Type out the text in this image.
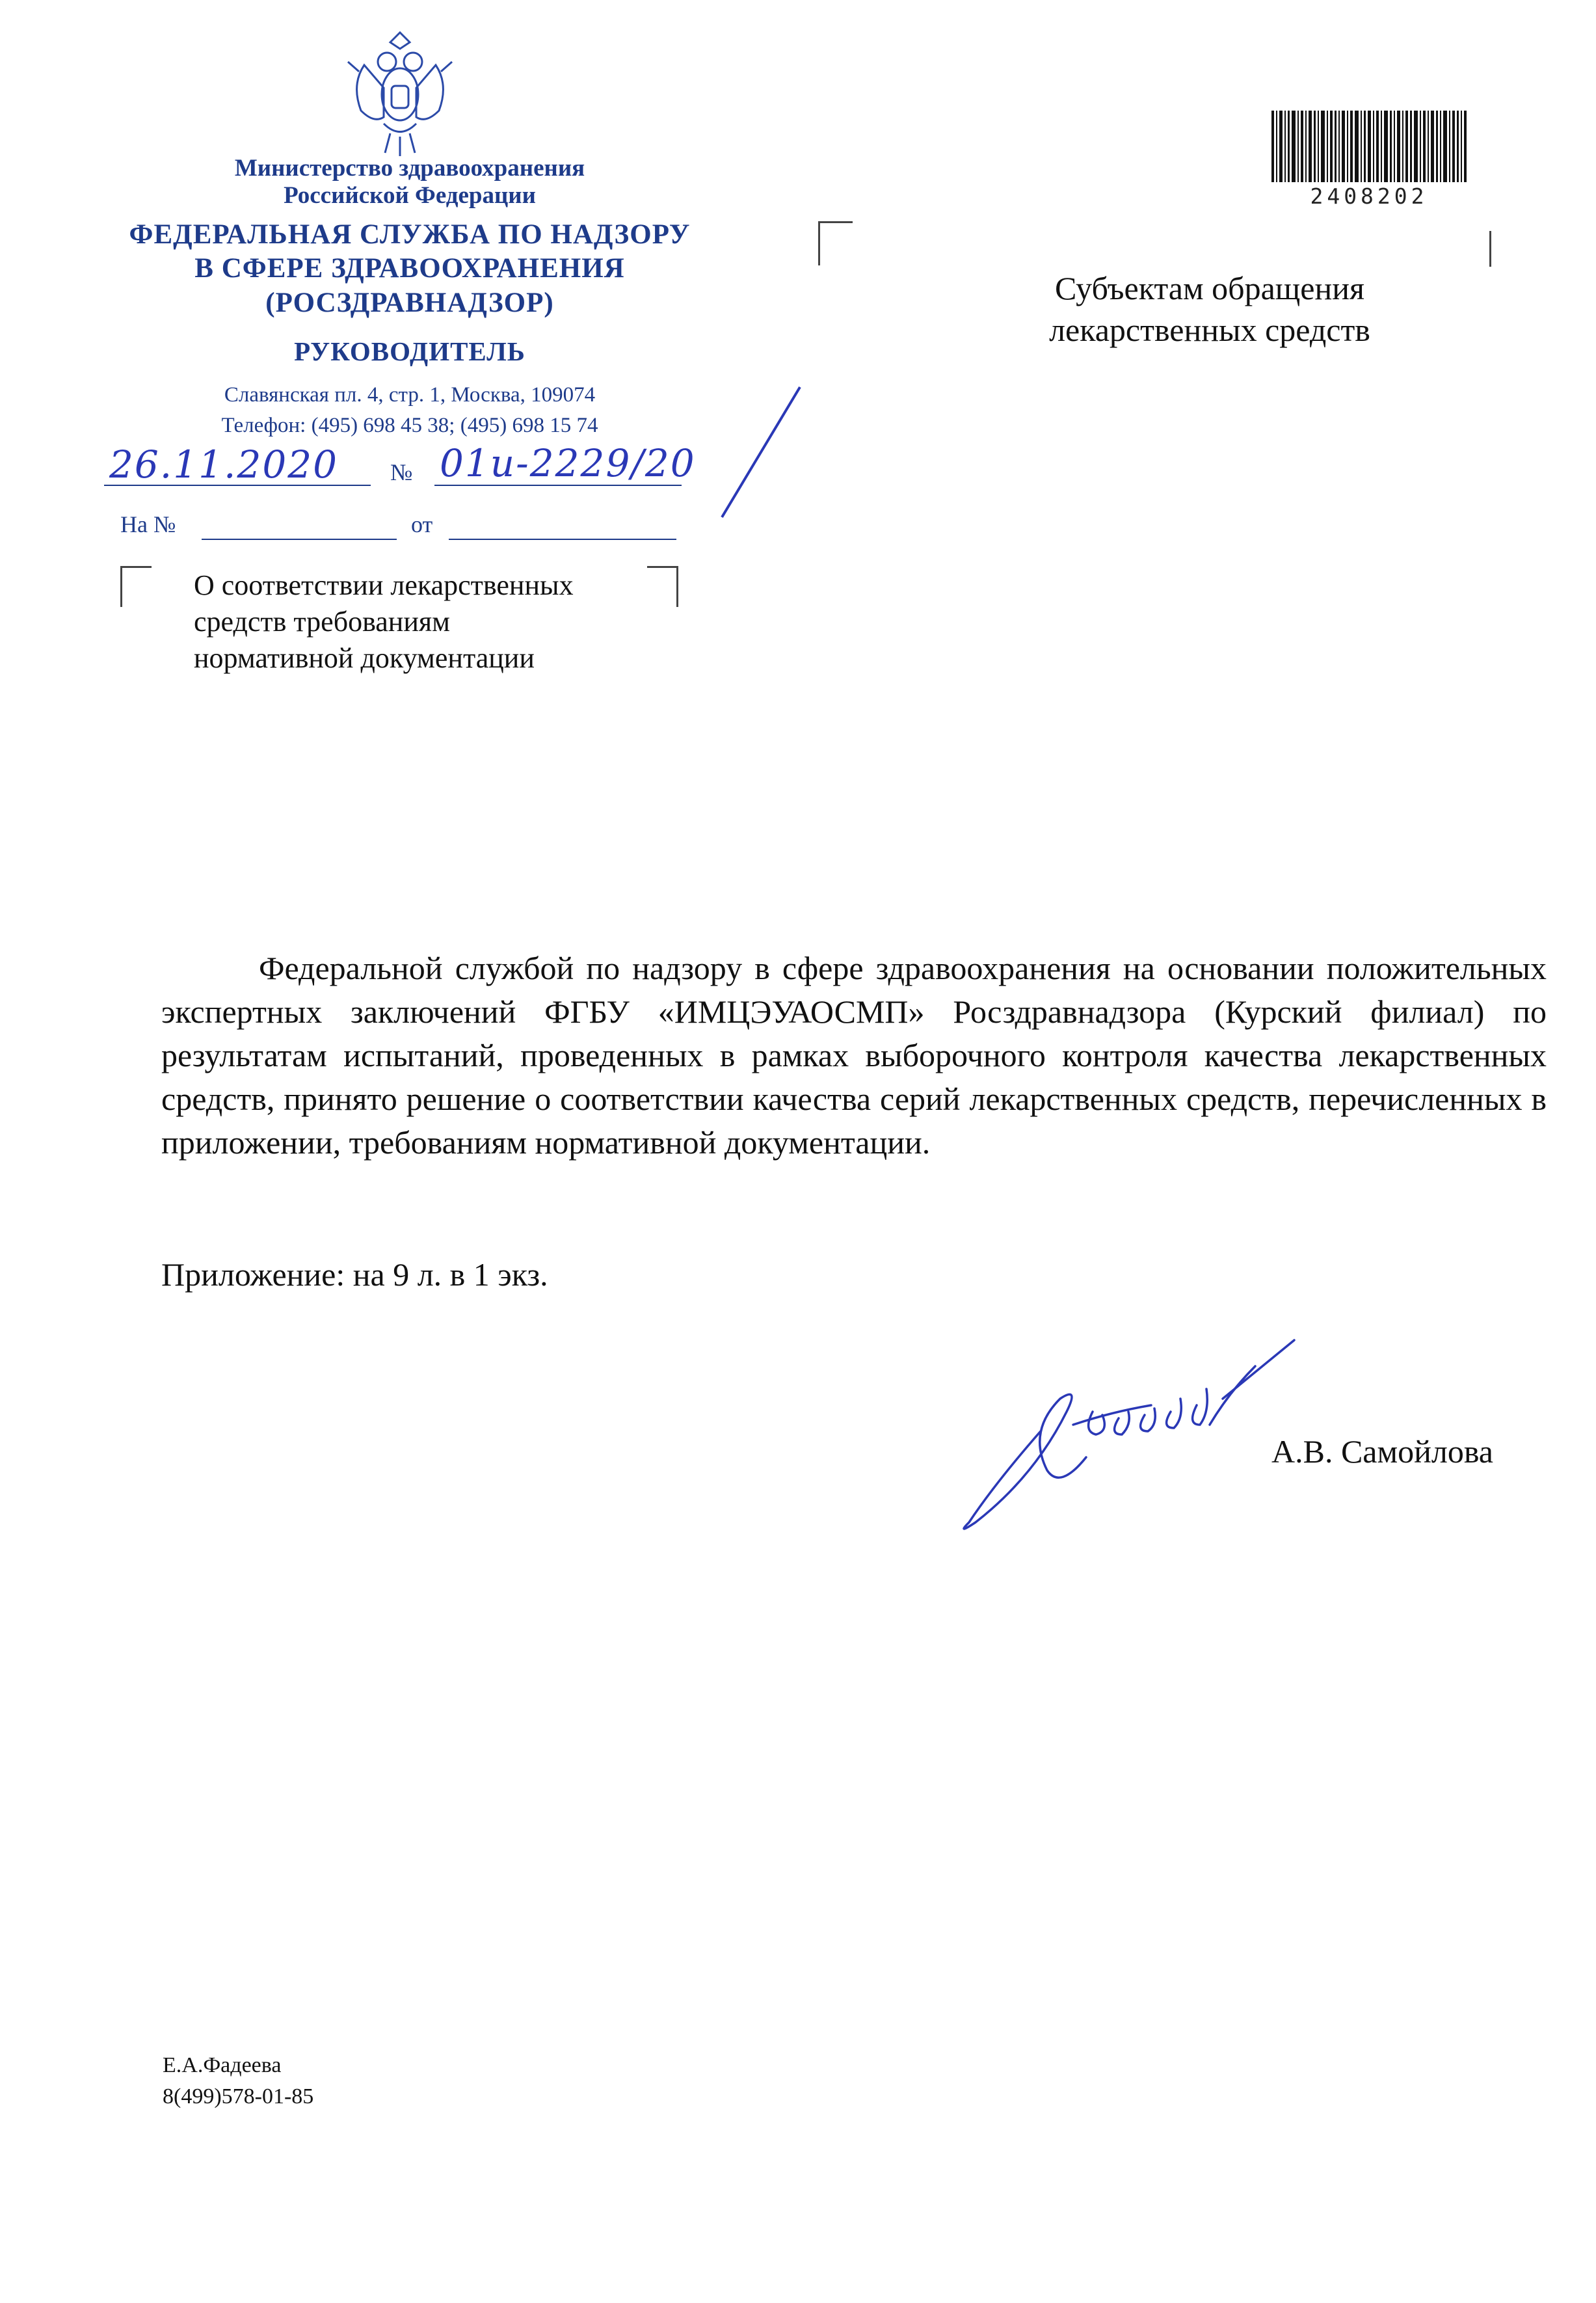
Министерство здравоохранения
Российской Федерации
ФЕДЕРАЛЬНАЯ СЛУЖБА ПО НАДЗОРУ
В СФЕРЕ ЗДРАВООХРАНЕНИЯ
(РОСЗДРАВНАДЗОР)
РУКОВОДИТЕЛЬ
Славянская пл. 4, стр. 1, Москва, 109074
Телефон: (495) 698 45 38; (495) 698 15 74
26.11.2020 № 01и-2229/20
На №	от
О соответствии лекарственных
средств требованиям
нормативной документации
2408202
Субъектам обращения
лекарственных средств
Федеральной службой по надзору в сфере здравоохранения на основании положительных экспертных заключений ФГБУ «ИМЦЭУАОСМП» Росздравнадзора (Курский филиал) по результатам испытаний, проведенных в рамках выборочного контроля качества лекарственных средств, принято решение о соответствии качества серий лекарственных средств, перечисленных в приложении, требованиям нормативной документации.
Приложение: на 9 л. в 1 экз.
А.В. Самойлова
Е.А.Фадеева
8(499)578-01-85
